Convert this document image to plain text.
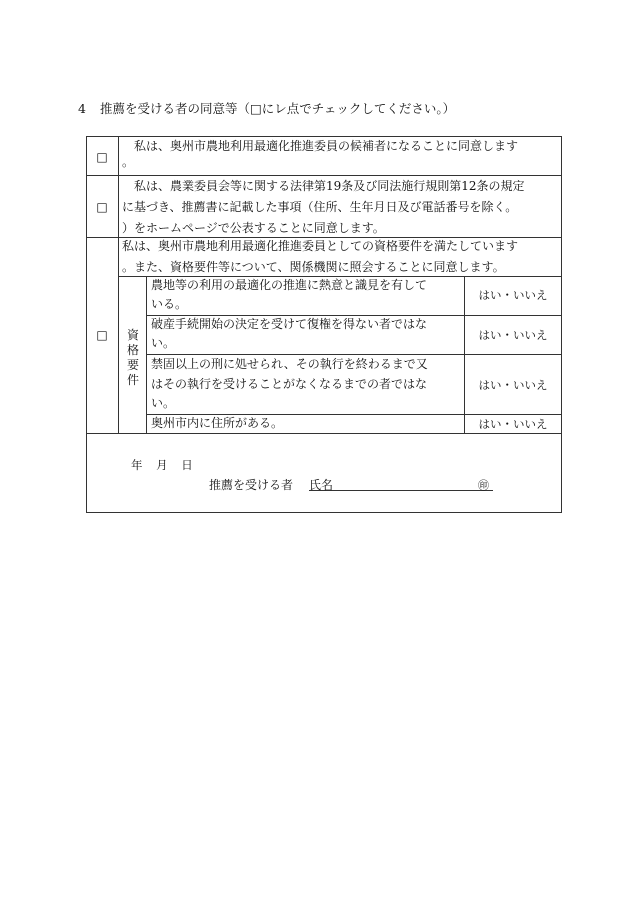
4 推薦を受ける者の同意等（□にレ点でチェックしてください。）
□
　私は、奥州市農地利用最適化推進委員の候補者になることに同意します
。
□
　私は、農業委員会等に関する法律第19条及び同法施行規則第12条の規定
に基づき、推薦書に記載した事項（住所、生年月日及び電話番号を除く。
）をホームページで公表することに同意します。
□
私は、奥州市農地利用最適化推進委員としての資格要件を満たしています
。また、資格要件等について、関係機関に照会することに同意します。
資
格
要
件
農地等の利用の最適化の推進に熱意と識見を有して
いる。
はい・いいえ
破産手続開始の決定を受けて復権を得ない者ではな
い。
はい・いいえ
禁固以上の刑に処せられ、その執行を終わるまで又
はその執行を受けることがなくなるまでの者ではな
い。
はい・いいえ
奥州市内に住所がある。	はい・いいえ
年 月 日
推薦を受ける者 氏名	㊞
